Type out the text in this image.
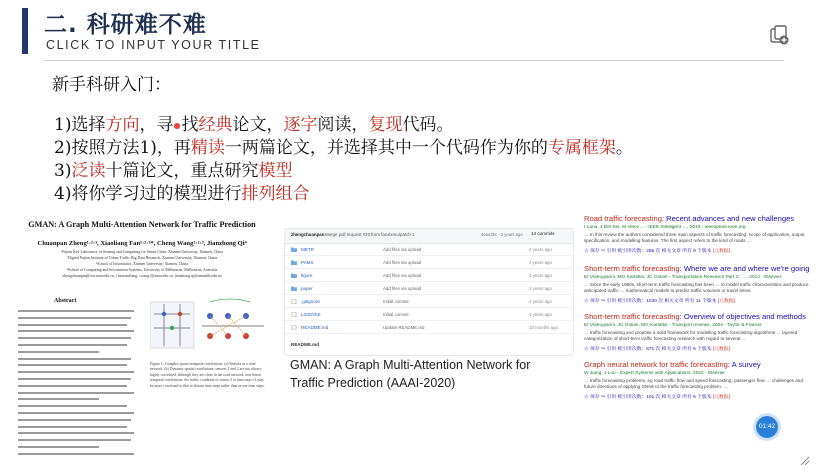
二. 科研难不难
CLICK TO INPUT YOUR TITLE
新手科研入门：
1)选择方向，寻 找经典论文，逐字阅读，复现代码。
2)按照方法1)，再精读一两篇论文，并选择其中一个代码作为你的专属框架。
3)泛读十篇论文，重点研究模型
4)将你学习过的模型进行排列组合
GMAN: A Graph Multi-Attention Network for Traffic Prediction
Chuanpan Zheng¹·²·³, Xiaoliang Fan¹·²·³*, Cheng Wang¹·²·³, Jianzhong Qi⁴
¹Fujian Key Laboratory of Sensing and Computing for Smart Cities, Xiamen University, Xiamen, China
²Digital Fujian Institute of Urban Traffic Big Data Research, Xiamen University, Xiamen, China
³School of Informatics, Xiamen University, Xiamen, China
⁴School of Computing and Information Systems, University of Melbourne, Melbourne, Australia
zhengchuanpan@stu.xmu.edu.cn, {fanxiaoliang, cwang}@xmu.edu.cn, jianzhong.qi@unimelb.edu.au
Abstract
Figure 1: Complex spatio-temporal correlations. (a) Sensors in a road network. (b) Dynamic spatial correlations: sensors 1 and 2 are not always highly correlated, although they are close in the road network; non-linear temporal correlations: the traffic condition of sensor 3 at time step t+1 may be more correlated to that at distant time steps rather than recent time steps.
zhengchuanpan Merge pull request #33 from fanxlxmu/patch-1	4eaa35c · 2 years ago 14 commits
METR	Add files via upload	2 years ago
PeMS	Add files via upload	2 years ago
figure	Add files via upload	2 years ago
paper	Add files via upload	2 years ago
.gitignore	Initial commit	2 years ago
LICENSE	Initial commit	2 years ago
README.md	Update README.md	10 months ago
README.md
GMAN: A Graph Multi-Attention Network for Traffic Prediction (AAAI-2020)
Road traffic forecasting: Recent advances and new challenges
I Lana, J Del Ser, M Velez… - IEEE Intelligent …, 2018 - ieeexplore.ieee.org
… In this review the authors considered three main aspects of traffic forecasting: scope of application, output specification, and modelling features. The first aspect refers to the kind of roads …
☆ 保存 ⁹⁹ 引用 被引用次数：256 次 相关文章 所有 8 个版本 [元数据]
Short-term traffic forecasting: Where we are and where we're going
EI Vlahogianni, MG Karlaftis, JC Golias - Transportation Research Part C: …, 2014 - Elsevier
… Since the early 1980s, short-term traffic forecasting has been … to model traffic characteristics and produce anticipated traffic … mathematical models to predict traffic volumes or travel times.
☆ 保存 ⁹⁹ 引用 被引用次数：1030 次 相关文章 所有 11 个版本 [元数据]
Short-term traffic forecasting: Overview of objectives and methods
EI Vlahogianni, JC Golias, MG Karlaftis - Transport reviews, 2004 - Taylor & Francis
… traffic forecasting and propose a solid framework for modelling traffic forecasting algorithms … layered categorization of short-term traffic forecasting research with regard to several …
☆ 保存 ⁹⁹ 引用 被引用次数：671 次 相关文章 所有 6 个版本 [元数据]
Graph neural network for traffic forecasting: A survey
W Jiang, J Luo - Expert Systems with Applications, 2022 - Elsevier
… traffic forecasting problems, eg road traffic flow and speed forecasting, passenger flow … challenges and future directions of applying GNNs to the traffic forecasting problem. …
☆ 保存 ⁹⁹ 引用 被引用次数：101 次 相关文章 所有 6 个版本 [元数据]
01:42
